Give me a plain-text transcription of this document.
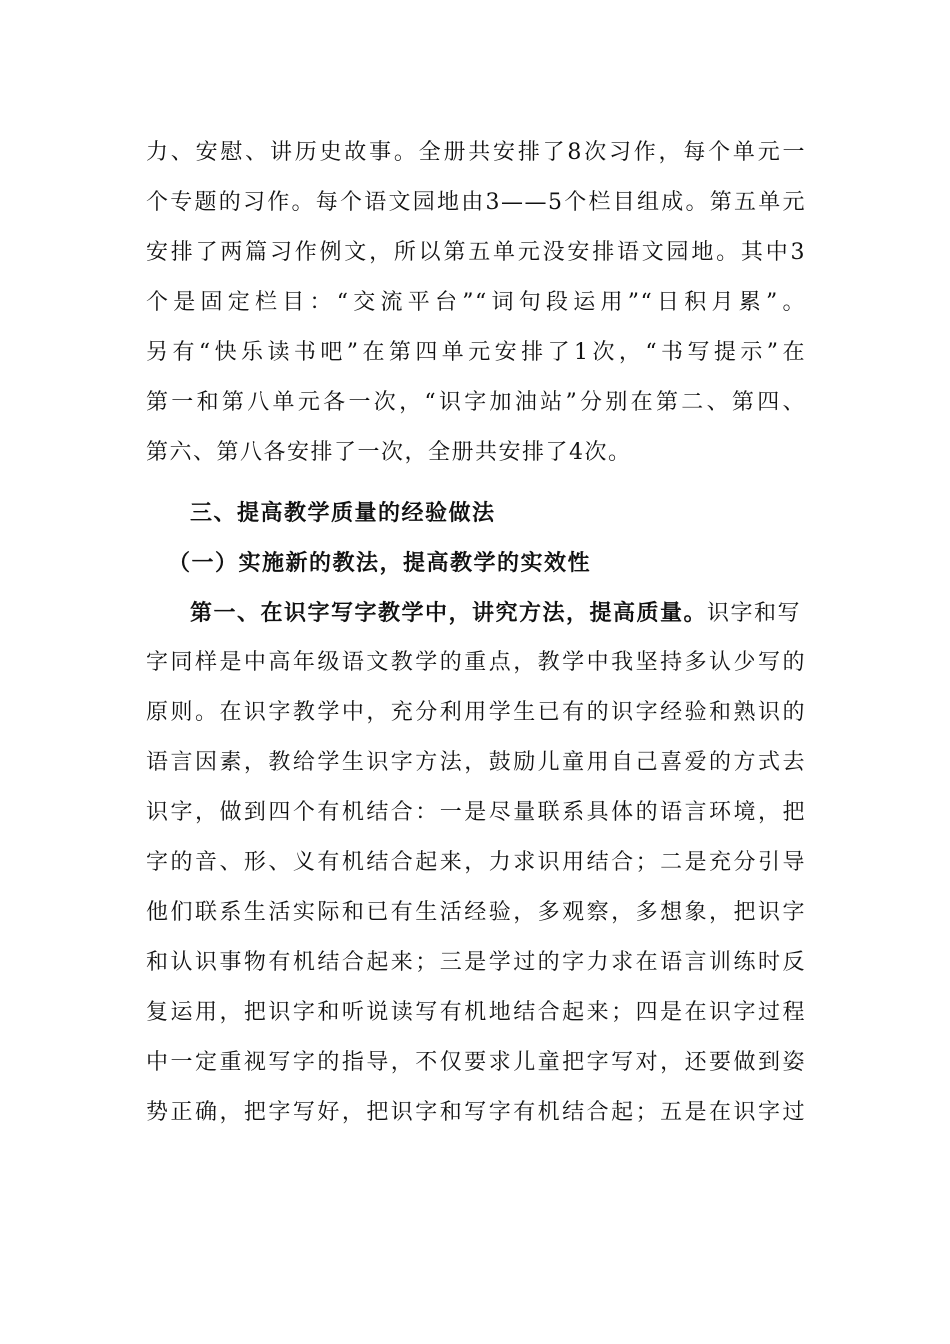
力、安慰、讲历史故事。全册共安排了8次习作，每个单元一
个专题的习作。每个语文园地由3——5个栏目组成。第五单元
安排了两篇习作例文，所以第五单元没安排语文园地。其中3
个是固定栏目：“交流平台”“词句段运用”“日积月累”。
另有“快乐读书吧”在第四单元安排了1次，“书写提示”在
第一和第八单元各一次，“识字加油站”分别在第二、第四、
第六、第八各安排了一次，全册共安排了4次。
三、提高教学质量的经验做法
（一）实施新的教法，提高教学的实效性
第一、在识字写字教学中，讲究方法，提高质量。识字和写
字同样是中高年级语文教学的重点，教学中我坚持多认少写的
原则。在识字教学中，充分利用学生已有的识字经验和熟识的
语言因素，教给学生识字方法，鼓励儿童用自己喜爱的方式去
识字，做到四个有机结合：一是尽量联系具体的语言环境，把
字的音、形、义有机结合起来，力求识用结合；二是充分引导
他们联系生活实际和已有生活经验，多观察，多想象，把识字
和认识事物有机结合起来；三是学过的字力求在语言训练时反
复运用，把识字和听说读写有机地结合起来；四是在识字过程
中一定重视写字的指导，不仅要求儿童把字写对，还要做到姿
势正确，把字写好，把识字和写字有机结合起；五是在识字过
